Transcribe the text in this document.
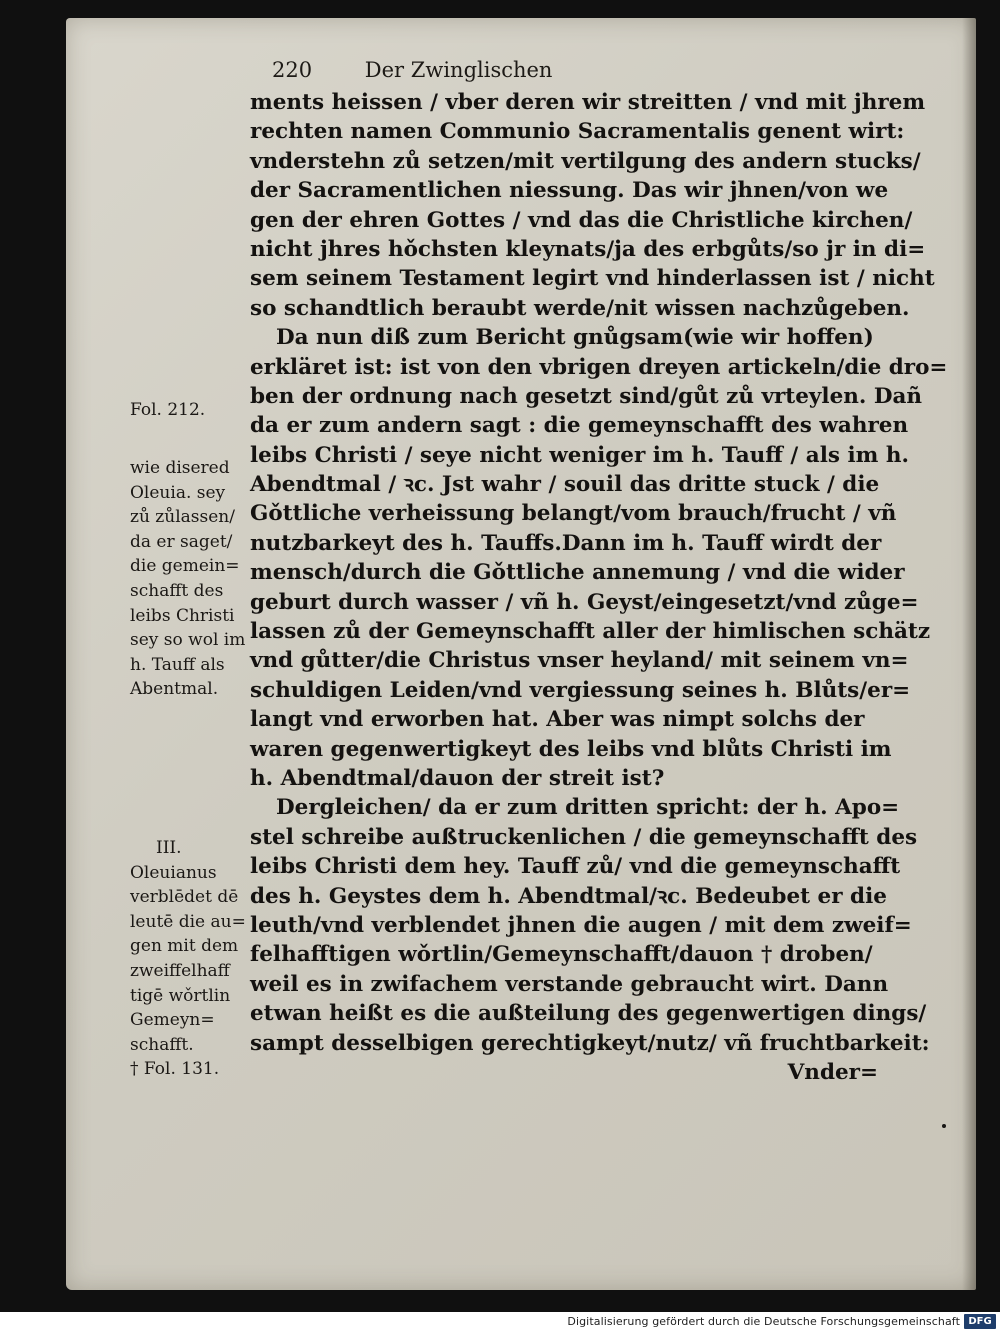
220	Der Zwinglischen
ments heissen / vber deren wir streitten / vnd mit jhrem
rechten namen Communio Sacramentalis genent wirt:
vnderstehn zů setzen/mit vertilgung des andern stucks/
der Sacramentlichen niessung. Das wir jhnen/von we
gen der ehren Gottes / vnd das die Christliche kirchen/
nicht jhres hǒchsten kleynats/ja des erbgůts/so jr in di=
sem seinem Testament legirt vnd hinderlassen ist / nicht
so schandtlich beraubt werde/nit wissen nachzůgeben.
Da nun diß zum Bericht gnůgsam(wie wir hoffen)
erkläret ist: ist von den vbrigen dreyen artickeln/die dro=
ben der ordnung nach gesetzt sind/gůt zů vrteylen. Dañ
da er zum andern sagt : die gemeynschafft des wahren
leibs Christi / seye nicht weniger im h. Tauff / als im h.
Abendtmal / ꝛc. Jst wahr / souil das dritte stuck / die
Gǒttliche verheissung belangt/vom brauch/frucht / vñ
nutzbarkeyt des h. Tauffs.Dann im h. Tauff wirdt der
mensch/durch die Gǒttliche annemung / vnd die wider
geburt durch wasser / vñ h. Geyst/eingesetzt/vnd zůge=
lassen zů der Gemeynschafft aller der himlischen schätz
vnd gůtter/die Christus vnser heyland/ mit seinem vn=
schuldigen Leiden/vnd vergiessung seines h. Blůts/er=
langt vnd erworben hat. Aber was nimpt solchs der
waren gegenwertigkeyt des leibs vnd blůts Christi im
h. Abendtmal/dauon der streit ist?
Dergleichen/ da er zum dritten spricht: der h. Apo=
stel schreibe außtruckenlichen / die gemeynschafft des
leibs Christi dem hey. Tauff zů/ vnd die gemeynschafft
des h. Geystes dem h. Abendtmal/ꝛc. Bedeubet er die
leuth/vnd verblendet jhnen die augen / mit dem zweif=
felhafftigen wǒrtlin/Gemeynschafft/dauon † droben/
weil es in zwifachem verstande gebraucht wirt. Dann
etwan heißt es die außteilung des gegenwertigen dings/
sampt desselbigen gerechtigkeyt/nutz/ vñ fruchtbarkeit:
Vnder=
Fol. 212.
wie disered
Oleuia. sey
zů zůlassen/
da er saget/
die gemein=
schafft des
leibs Christi
sey so wol im
h. Tauff als
Abentmal.
III.
Oleuianus
verblēdet dē
leutē die au=
gen mit dem
zweiffelhaff
tigē wǒrtlin
Gemeyn=
schafft.
† Fol. 131.
Digitalisierung gefördert durch die Deutsche Forschungsgemeinschaft DFG
